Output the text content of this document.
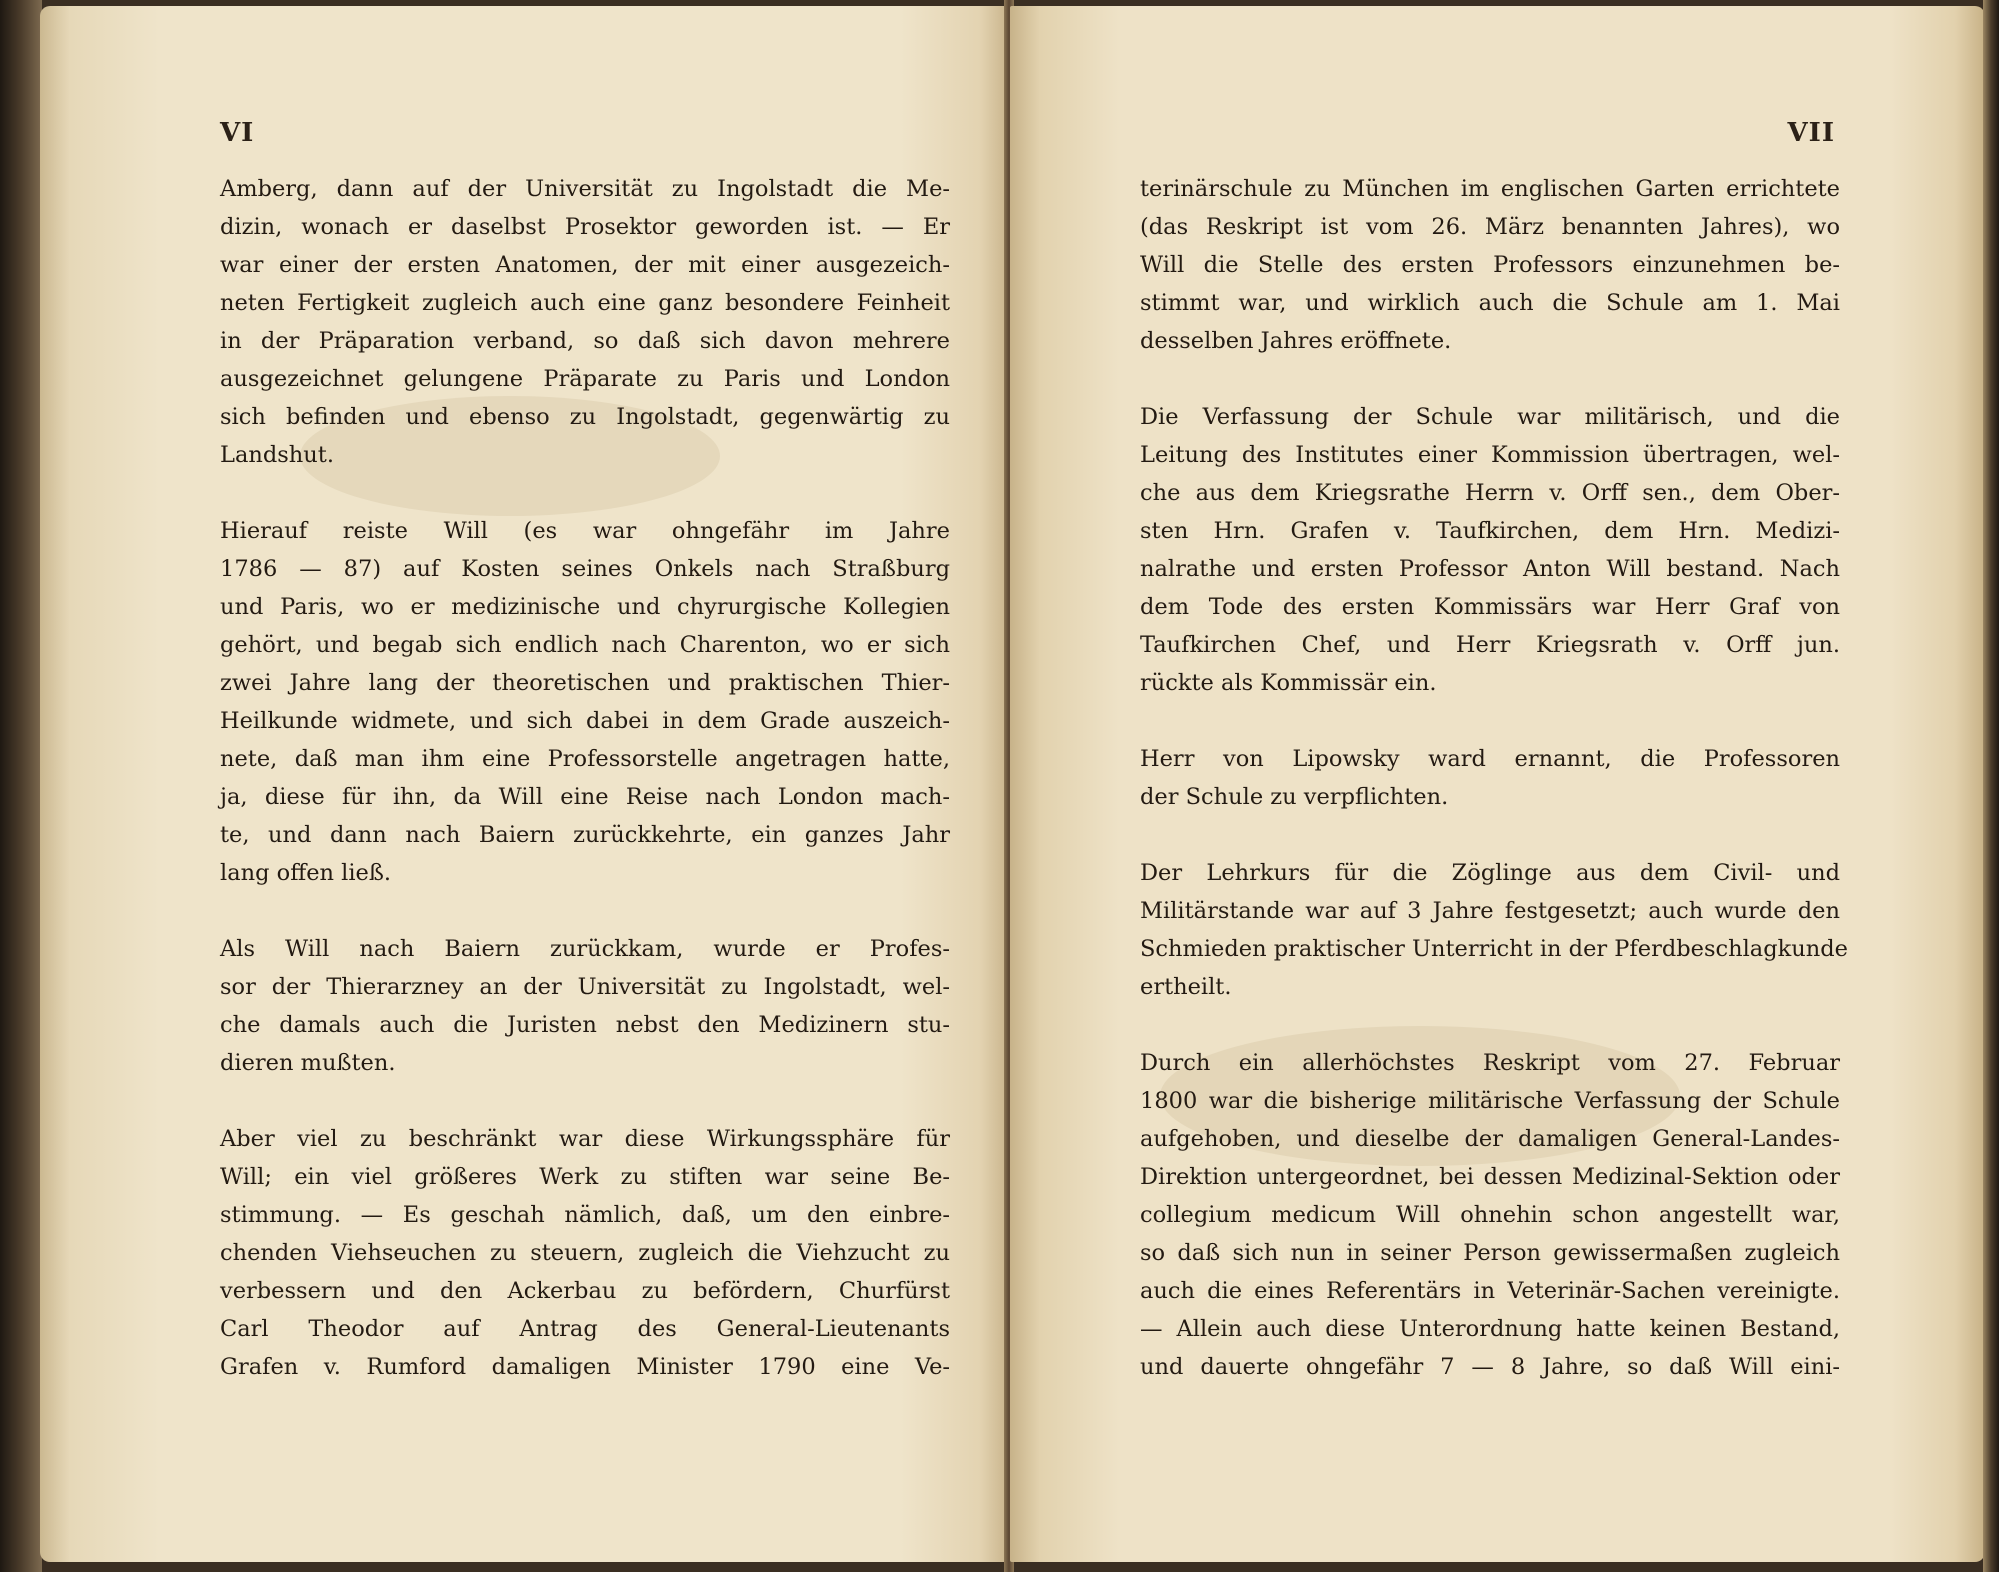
VI
Amberg, dann auf der Universität zu Ingolstadt die Me-
dizin, wonach er daselbst Prosektor geworden ist. — Er
war einer der ersten Anatomen, der mit einer ausgezeich-
neten Fertigkeit zugleich auch eine ganz besondere Feinheit
in der Präparation verband, so daß sich davon mehrere
ausgezeichnet gelungene Präparate zu Paris und London
sich befinden und ebenso zu Ingolstadt, gegenwärtig zu
Landshut.
Hierauf reiste Will (es war ohngefähr im Jahre
1786 — 87) auf Kosten seines Onkels nach Straßburg
und Paris, wo er medizinische und chyrurgische Kollegien
gehört, und begab sich endlich nach Charenton, wo er sich
zwei Jahre lang der theoretischen und praktischen Thier-
Heilkunde widmete, und sich dabei in dem Grade auszeich-
nete, daß man ihm eine Professorstelle angetragen hatte,
ja, diese für ihn, da Will eine Reise nach London mach-
te, und dann nach Baiern zurückkehrte, ein ganzes Jahr
lang offen ließ.
Als Will nach Baiern zurückkam, wurde er Profes-
sor der Thierarzney an der Universität zu Ingolstadt, wel-
che damals auch die Juristen nebst den Medizinern stu-
dieren mußten.
Aber viel zu beschränkt war diese Wirkungssphäre für
Will; ein viel größeres Werk zu stiften war seine Be-
stimmung. — Es geschah nämlich, daß, um den einbre-
chenden Viehseuchen zu steuern, zugleich die Viehzucht zu
verbessern und den Ackerbau zu befördern, Churfürst
Carl Theodor auf Antrag des General-Lieutenants
Grafen v. Rumford damaligen Minister 1790 eine Ve-
VII
terinärschule zu München im englischen Garten errichtete
(das Reskript ist vom 26. März benannten Jahres), wo
Will die Stelle des ersten Professors einzunehmen be-
stimmt war, und wirklich auch die Schule am 1. Mai
desselben Jahres eröffnete.
Die Verfassung der Schule war militärisch, und die
Leitung des Institutes einer Kommission übertragen, wel-
che aus dem Kriegsrathe Herrn v. Orff sen., dem Ober-
sten Hrn. Grafen v. Taufkirchen, dem Hrn. Medizi-
nalrathe und ersten Professor Anton Will bestand. Nach
dem Tode des ersten Kommissärs war Herr Graf von
Taufkirchen Chef, und Herr Kriegsrath v. Orff jun.
rückte als Kommissär ein.
Herr von Lipowsky ward ernannt, die Professoren
der Schule zu verpflichten.
Der Lehrkurs für die Zöglinge aus dem Civil- und
Militärstande war auf 3 Jahre festgesetzt; auch wurde den
Schmieden praktischer Unterricht in der Pferdbeschlagkunde
ertheilt.
Durch ein allerhöchstes Reskript vom 27. Februar
1800 war die bisherige militärische Verfassung der Schule
aufgehoben, und dieselbe der damaligen General-Landes-
Direktion untergeordnet, bei dessen Medizinal-Sektion oder
collegium medicum Will ohnehin schon angestellt war,
so daß sich nun in seiner Person gewissermaßen zugleich
auch die eines Referentärs in Veterinär-Sachen vereinigte.
— Allein auch diese Unterordnung hatte keinen Bestand,
und dauerte ohngefähr 7 — 8 Jahre, so daß Will eini-
